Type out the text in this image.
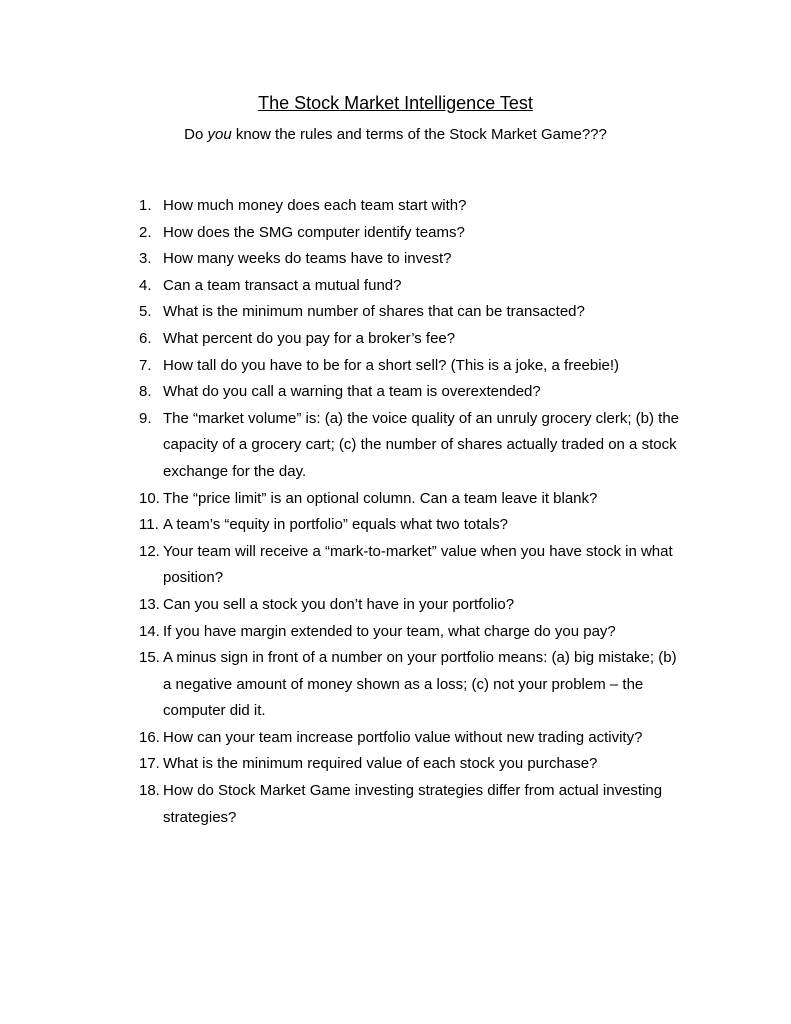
The Stock Market Intelligence Test
Do you know the rules and terms of the Stock Market Game???
1. How much money does each team start with?
2. How does the SMG computer identify teams?
3. How many weeks do teams have to invest?
4. Can a team transact a mutual fund?
5. What is the minimum number of shares that can be transacted?
6. What percent do you pay for a broker’s fee?
7. How tall do you have to be for a short sell? (This is a joke, a freebie!)
8. What do you call a warning that a team is overextended?
9. The “market volume” is: (a) the voice quality of an unruly grocery clerk; (b) the capacity of a grocery cart; (c) the number of shares actually traded on a stock exchange for the day.
10. The “price limit” is an optional column. Can a team leave it blank?
11. A team’s “equity in portfolio” equals what two totals?
12. Your team will receive a “mark-to-market” value when you have stock in what position?
13. Can you sell a stock you don’t have in your portfolio?
14. If you have margin extended to your team, what charge do you pay?
15. A minus sign in front of a number on your portfolio means: (a) big mistake; (b) a negative amount of money shown as a loss; (c) not your problem – the computer did it.
16. How can your team increase portfolio value without new trading activity?
17. What is the minimum required value of each stock you purchase?
18. How do Stock Market Game investing strategies differ from actual investing strategies?
